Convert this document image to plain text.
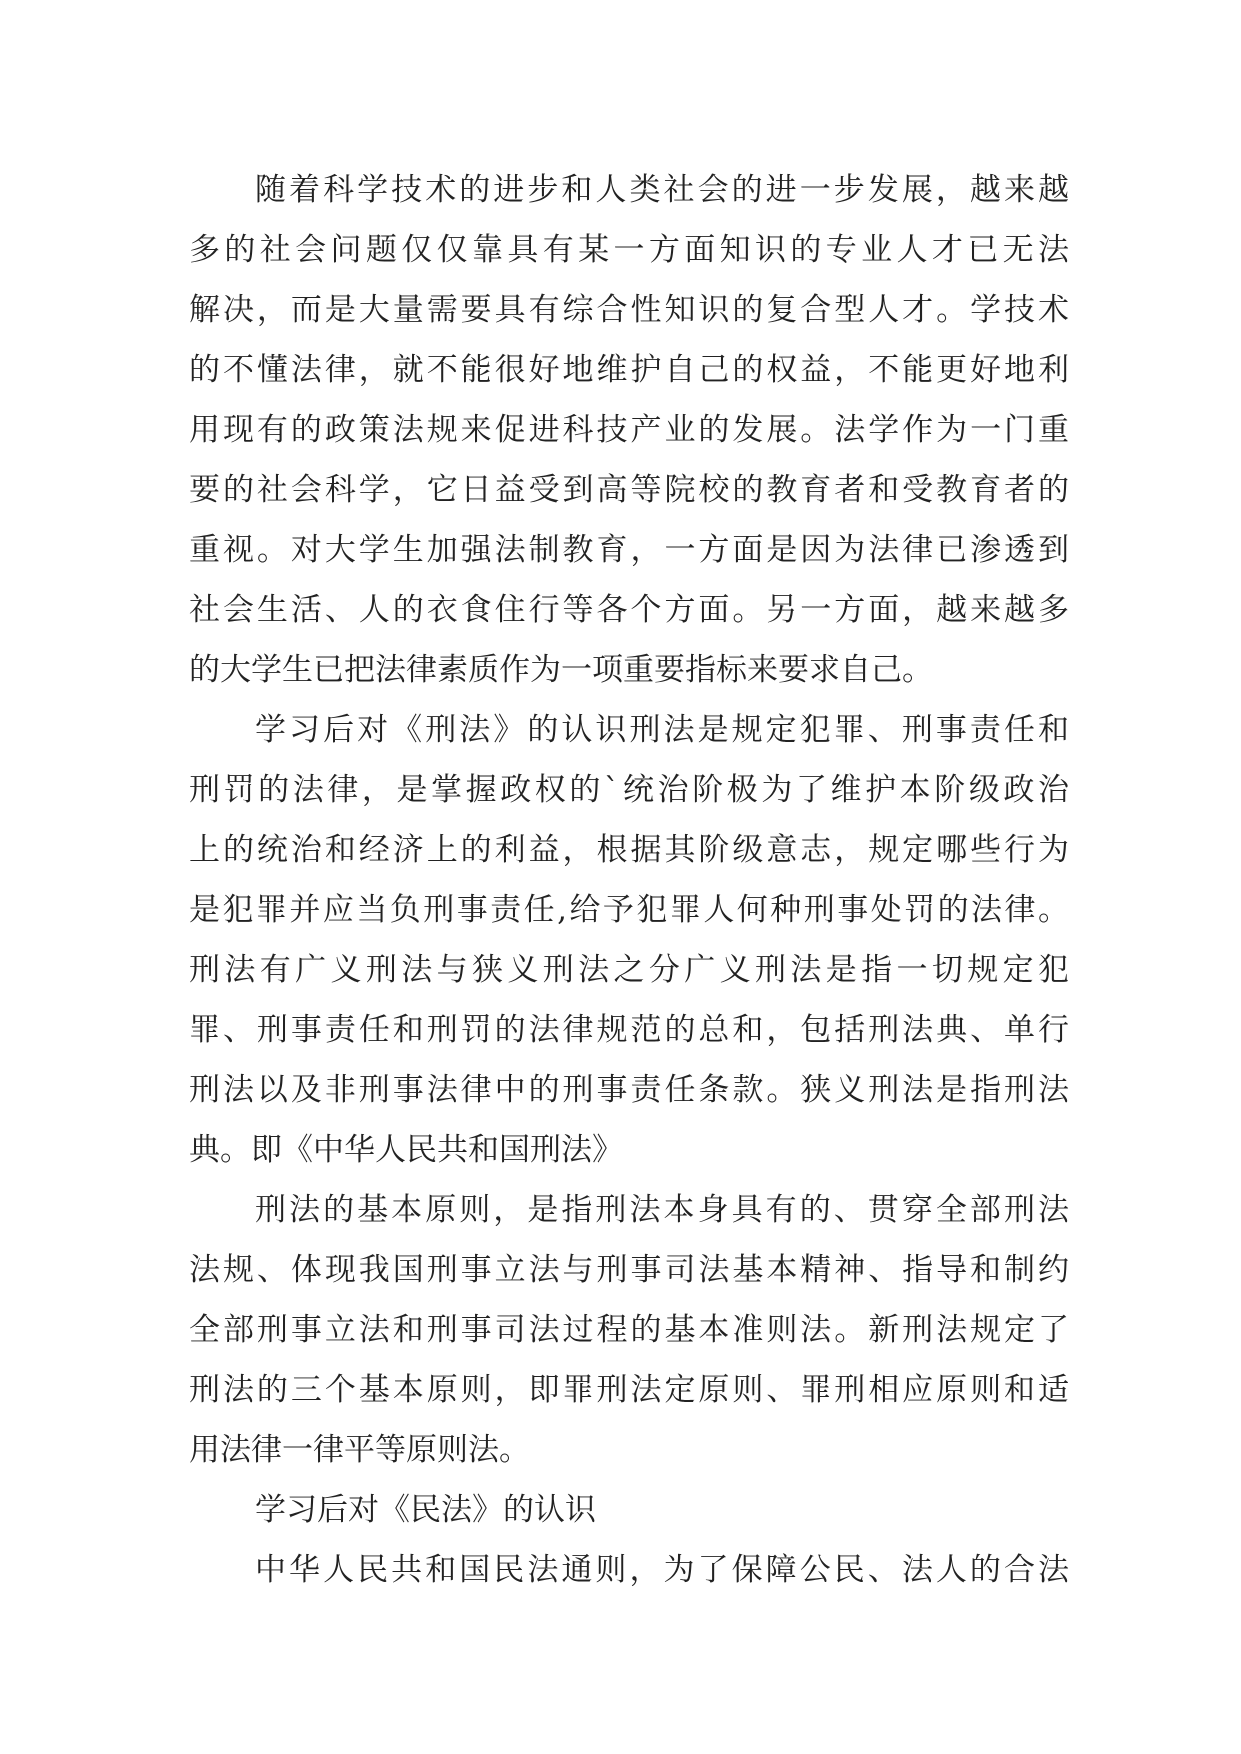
随着科学技术的进步和人类社会的进一步发展，越来越
多的社会问题仅仅靠具有某一方面知识的专业人才已无法
解决，而是大量需要具有综合性知识的复合型人才。学技术
的不懂法律，就不能很好地维护自己的权益，不能更好地利
用现有的政策法规来促进科技产业的发展。法学作为一门重
要的社会科学，它日益受到高等院校的教育者和受教育者的
重视。对大学生加强法制教育，一方面是因为法律已渗透到
社会生活、人的衣食住行等各个方面。另一方面，越来越多
的大学生已把法律素质作为一项重要指标来要求自己。
学习后对《刑法》的认识刑法是规定犯罪、刑事责任和
刑罚的法律，是掌握政权的`统治阶极为了维护本阶级政治
上的统治和经济上的利益，根据其阶级意志，规定哪些行为
是犯罪并应当负刑事责任,给予犯罪人何种刑事处罚的法律。
刑法有广义刑法与狭义刑法之分广义刑法是指一切规定犯
罪、刑事责任和刑罚的法律规范的总和，包括刑法典、单行
刑法以及非刑事法律中的刑事责任条款。狭义刑法是指刑法
典。即《中华人民共和国刑法》
刑法的基本原则，是指刑法本身具有的、贯穿全部刑法
法规、体现我国刑事立法与刑事司法基本精神、指导和制约
全部刑事立法和刑事司法过程的基本准则法。新刑法规定了
刑法的三个基本原则，即罪刑法定原则、罪刑相应原则和适
用法律一律平等原则法。
学习后对《民法》的认识
中华人民共和国民法通则，为了保障公民、法人的合法
